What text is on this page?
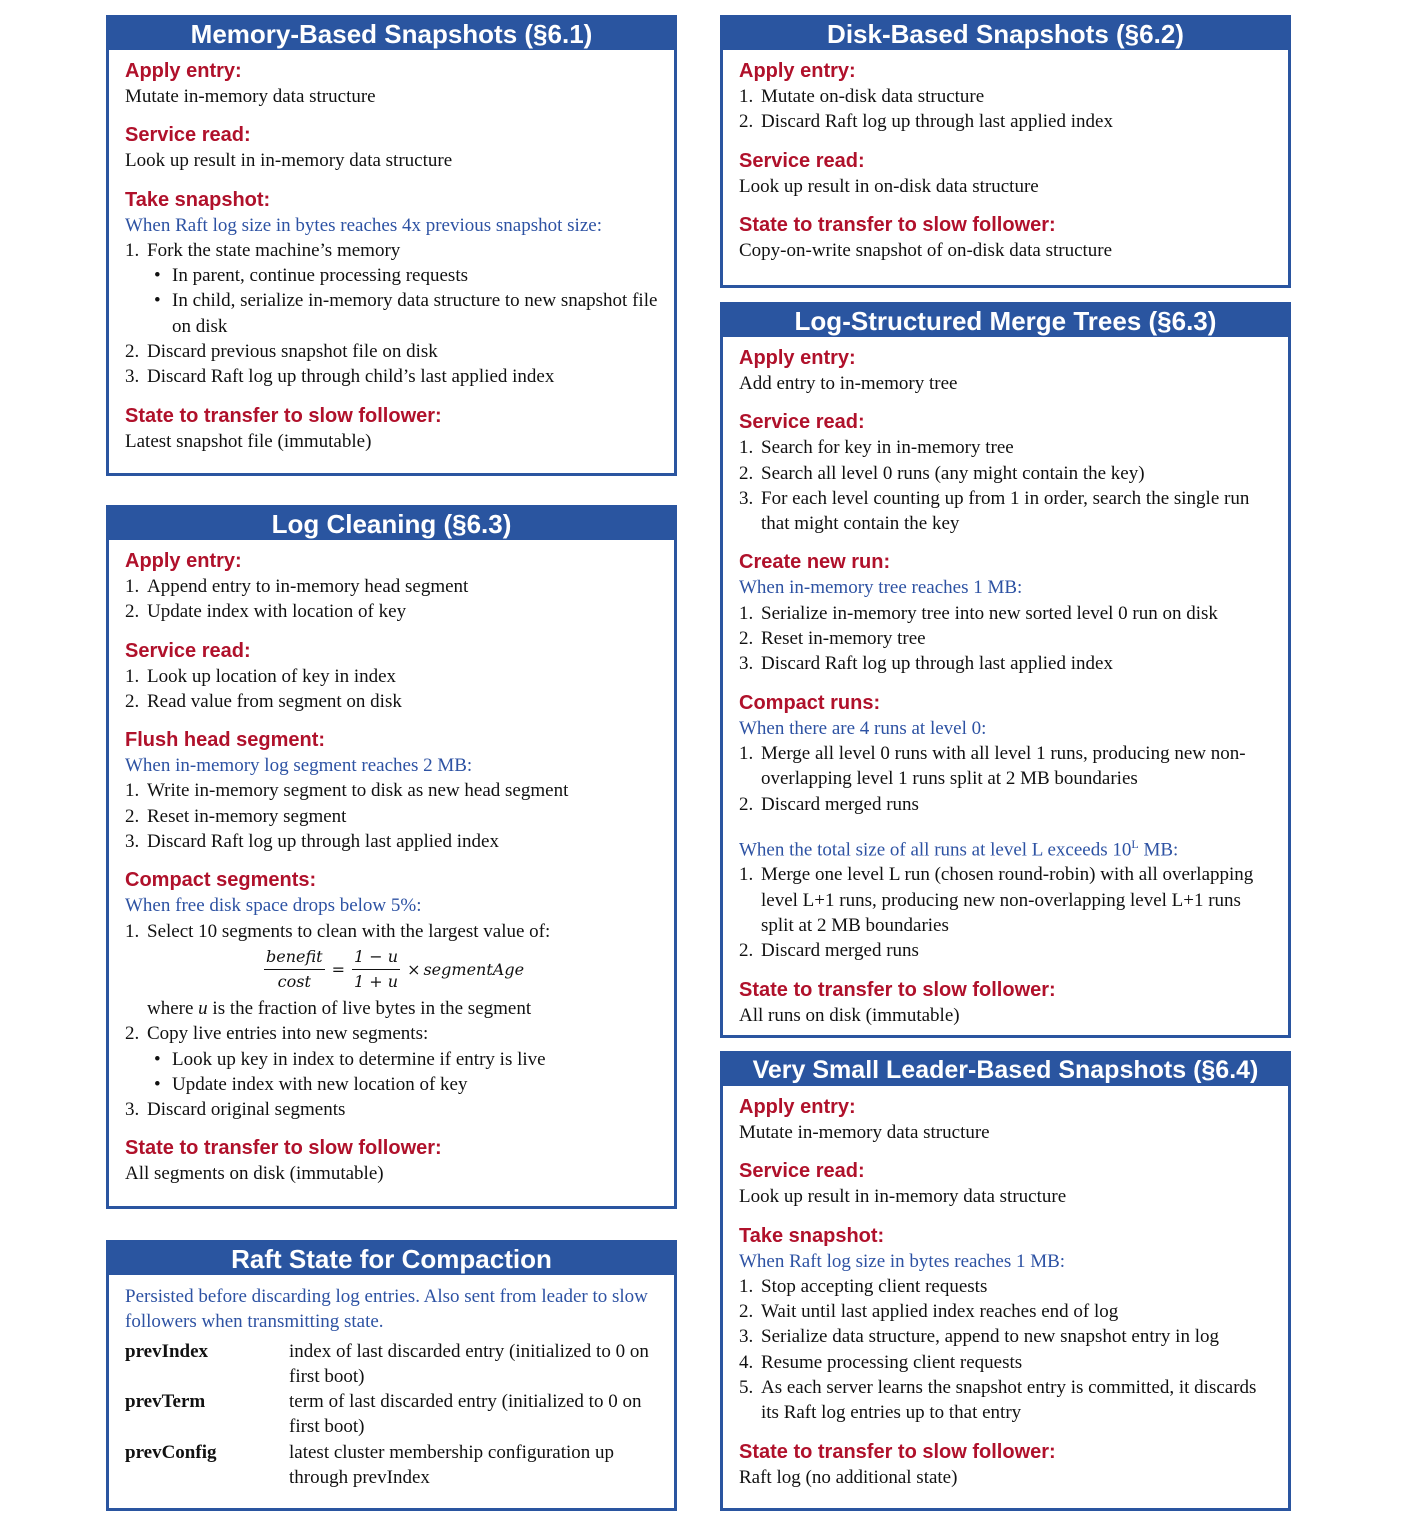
Memory-Based Snapshots (§6.1)
Apply entry:
Mutate in-memory data structure
Service read:
Look up result in in-memory data structure
Take snapshot:
When Raft log size in bytes reaches 4x previous snapshot size:
1. Fork the state machine’s memory
• In parent, continue processing requests
• In child, serialize in-memory data structure to new snapshot file on disk
2. Discard previous snapshot file on disk
3. Discard Raft log up through child’s last applied index
State to transfer to slow follower:
Latest snapshot file (immutable)
Log Cleaning (§6.3)
Apply entry:
1. Append entry to in-memory head segment
2. Update index with location of key
Service read:
1. Look up location of key in index
2. Read value from segment on disk
Flush head segment:
When in-memory log segment reaches 2 MB:
1. Write in-memory segment to disk as new head segment
2. Reset in-memory segment
3. Discard Raft log up through last applied index
Compact segments:
When free disk space drops below 5%:
1. Select 10 segments to clean with the largest value of:
$\frac{\text{benefit}}{\cos t} = \frac{1 - u}{1 + u}$ × segmentAge
where u is the fraction of live bytes in the segment
2. Copy live entries into new segments:
• Look up key in index to determine if entry is live
• Update index with new location of key
3. Discard original segments
State to transfer to slow follower:
All segments on disk (immutable)
Raft State for Compaction
Persisted before discarding log entries. Also sent from leader to slow followers when transmitting state.
prevIndex	index of last discarded entry (initialized to 0 on first boot)
prevTerm	term of last discarded entry (initialized to 0 on first boot)
prevConfig	latest cluster membership configuration up through prevIndex
Disk-Based Snapshots (§6.2)
Apply entry:
1. Mutate on-disk data structure
2. Discard Raft log up through last applied index
Service read:
Look up result in on-disk data structure
State to transfer to slow follower:
Copy-on-write snapshot of on-disk data structure
Log-Structured Merge Trees (§6.3)
Apply entry:
Add entry to in-memory tree
Service read:
1. Search for key in in-memory tree
2. Search all level 0 runs (any might contain the key)
3. For each level counting up from 1 in order, search the single run that might contain the key
Create new run:
When in-memory tree reaches 1 MB:
1. Serialize in-memory tree into new sorted level 0 run on disk
2. Reset in-memory tree
3. Discard Raft log up through last applied index
Compact runs:
When there are 4 runs at level 0:
1. Merge all level 0 runs with all level 1 runs, producing new non-overlapping level 1 runs split at 2 MB boundaries
2. Discard merged runs
When the total size of all runs at level L exceeds $10^L$ MB:
1. Merge one level L run (chosen round-robin) with all overlapping level L+1 runs, producing new non-overlapping level L+1 runs split at 2 MB boundaries
2. Discard merged runs
State to transfer to slow follower:
All runs on disk (immutable)
Very Small Leader-Based Snapshots (§6.4)
Apply entry:
Mutate in-memory data structure
Service read:
Look up result in in-memory data structure
Take snapshot:
When Raft log size in bytes reaches 1 MB:
1. Stop accepting client requests
2. Wait until last applied index reaches end of log
3. Serialize data structure, append to new snapshot entry in log
4. Resume processing client requests
5. As each server learns the snapshot entry is committed, it discards its Raft log entries up to that entry
State to transfer to slow follower:
Raft log (no additional state)
